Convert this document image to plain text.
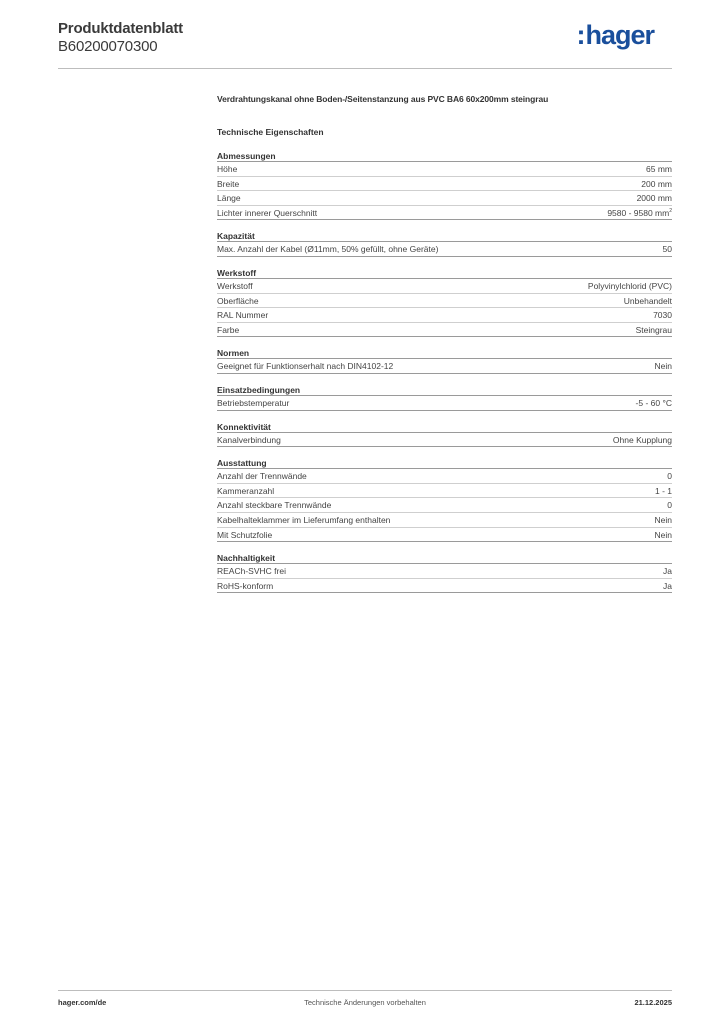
Produktdatenblatt
B60200070300	:hager
Verdrahtungskanal ohne Boden-/Seitenstanzung aus PVC BA6 60x200mm steingrau
Technische Eigenschaften
Abmessungen
Höhe	65 mm
Breite	200 mm
Länge	2000 mm
Lichter innerer Querschnitt	9580 - 9580 $mm^2$
Kapazität
Max. Anzahl der Kabel (Ø11mm, 50% gefüllt, ohne Geräte)	50
Werkstoff
Werkstoff	Polyvinylchlorid (PVC)
Oberfläche	Unbehandelt
RAL Nummer	7030
Farbe	Steingrau
Normen
Geeignet für Funktionserhalt nach DIN4102-12	Nein
Einsatzbedingungen
Betriebstemperatur	-5 - 60 °C
Konnektivität
Kanalverbindung	Ohne Kupplung
Ausstattung
Anzahl der Trennwände	0
Kammeranzahl	1 - 1
Anzahl steckbare Trennwände	0
Kabelhalteklammer im Lieferumfang enthalten	Nein
Mit Schutzfolie	Nein
Nachhaltigkeit
REACh-SVHC frei	Ja
RoHS-konform	Ja
hager.com/de	Technische Änderungen vorbehalten	21.12.2025
